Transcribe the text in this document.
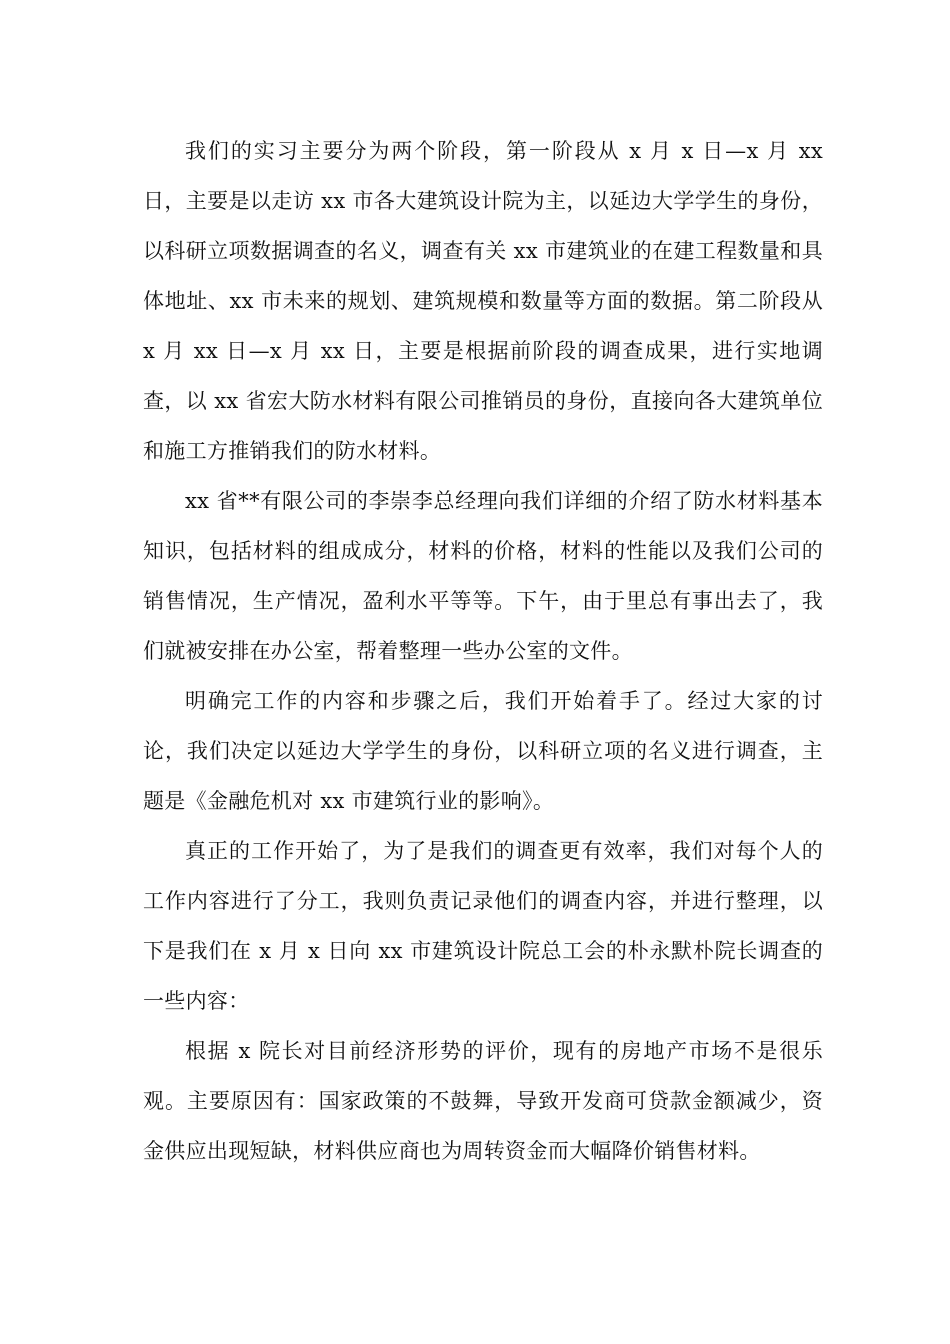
我们的实习主要分为两个阶段，第一阶段从 x 月 x 日—x 月 xx 日，主要是以走访 xx 市各大建筑设计院为主，以延边大学学生的身份，以科研立项数据调查的名义，调查有关 xx 市建筑业的在建工程数量和具体地址、xx 市未来的规划、建筑规模和数量等方面的数据。第二阶段从 x 月 xx 日—x 月 xx 日，主要是根据前阶段的调查成果，进行实地调查，以 xx 省宏大防水材料有限公司推销员的身份，直接向各大建筑单位和施工方推销我们的防水材料。

xx 省**有限公司的李崇李总经理向我们详细的介绍了防水材料基本知识，包括材料的组成成分，材料的价格，材料的性能以及我们公司的销售情况，生产情况，盈利水平等等。下午，由于里总有事出去了，我们就被安排在办公室，帮着整理一些办公室的文件。

明确完工作的内容和步骤之后，我们开始着手了。经过大家的讨论，我们决定以延边大学学生的身份，以科研立项的名义进行调查，主题是《金融危机对 xx 市建筑行业的影响》。

真正的工作开始了，为了是我们的调查更有效率，我们对每个人的工作内容进行了分工，我则负责记录他们的调查内容，并进行整理，以下是我们在 x 月 x 日向 xx 市建筑设计院总工会的朴永默朴院长调查的一些内容：

根据 x 院长对目前经济形势的评价，现有的房地产市场不是很乐观。主要原因有：国家政策的不鼓舞，导致开发商可贷款金额减少，资金供应出现短缺，材料供应商也为周转资金而大幅降价销售材料。
